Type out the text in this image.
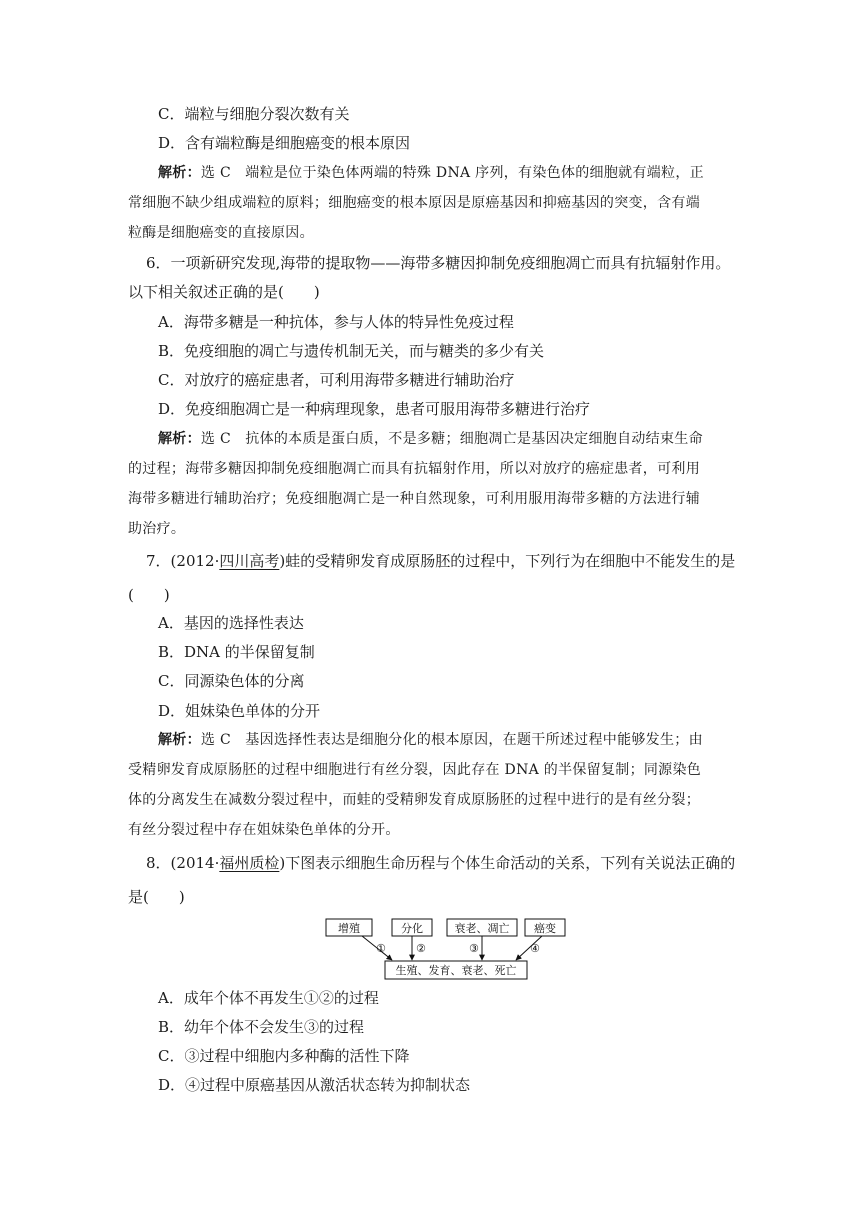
C．端粒与细胞分裂次数有关
D．含有端粒酶是细胞癌变的根本原因
解析：选 C　端粒是位于染色体两端的特殊 DNA 序列，有染色体的细胞就有端粒，正
常细胞不缺少组成端粒的原料；细胞癌变的根本原因是原癌基因和抑癌基因的突变，含有端
粒酶是细胞癌变的直接原因。
6．一项新研究发现,海带的提取物——海带多糖因抑制免疫细胞凋亡而具有抗辐射作用。
以下相关叙述正确的是(　　)
A．海带多糖是一种抗体，参与人体的特异性免疫过程
B．免疫细胞的凋亡与遗传机制无关，而与糖类的多少有关
C．对放疗的癌症患者，可利用海带多糖进行辅助治疗
D．免疫细胞凋亡是一种病理现象，患者可服用海带多糖进行治疗
解析：选 C　抗体的本质是蛋白质，不是多糖；细胞凋亡是基因决定细胞自动结束生命
的过程；海带多糖因抑制免疫细胞凋亡而具有抗辐射作用，所以对放疗的癌症患者，可利用
海带多糖进行辅助治疗；免疫细胞凋亡是一种自然现象，可利用服用海带多糖的方法进行辅
助治疗。
7．(2012·四川高考)蛙的受精卵发育成原肠胚的过程中，下列行为在细胞中不能发生的是
(　　)
A．基因的选择性表达
B．DNA 的半保留复制
C．同源染色体的分离
D．姐妹染色单体的分开
解析：选 C　基因选择性表达是细胞分化的根本原因，在题干所述过程中能够发生；由
受精卵发育成原肠胚的过程中细胞进行有丝分裂，因此存在 DNA 的半保留复制；同源染色
体的分离发生在减数分裂过程中，而蛙的受精卵发育成原肠胚的过程中进行的是有丝分裂；
有丝分裂过程中存在姐妹染色单体的分开。
8．(2014·福州质检)下图表示细胞生命历程与个体生命活动的关系，下列有关说法正确的
是(　　)
增殖	分化	衰老、凋亡 癌变
生殖、发育、衰老、死亡
①	②	③	④
A．成年个体不再发生①②的过程
B．幼年个体不会发生③的过程
C．③过程中细胞内多种酶的活性下降
D．④过程中原癌基因从激活状态转为抑制状态
